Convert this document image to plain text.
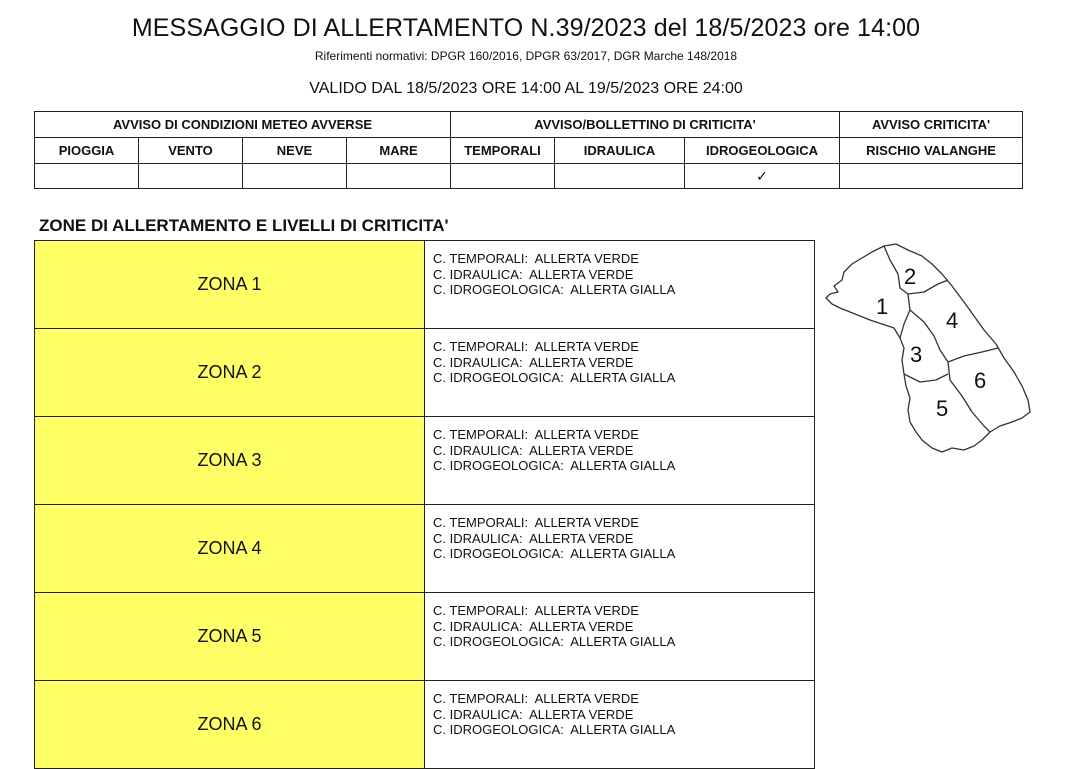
MESSAGGIO DI ALLERTAMENTO N.39/2023 del 18/5/2023 ore 14:00
Riferimenti normativi: DPGR 160/2016, DPGR 63/2017, DGR Marche 148/2018
VALIDO DAL 18/5/2023 ORE 14:00 AL 19/5/2023 ORE 24:00
AVVISO DI CONDIZIONI METEO AVVERSE				AVVISO/BOLLETTINO DI CRITICITA'			AVVISO CRITICITA'
PIOGGIA	VENTO	NEVE	MARE	TEMPORALI	IDRAULICA	IDROGEOLOGICA	RISCHIO VALANGHE
						✓	
ZONE DI ALLERTAMENTO E LIVELLI DI CRITICITA'
ZONA 1	C. TEMPORALI:  ALLERTA VERDE
C. IDRAULICA:  ALLERTA VERDE
C. IDROGEOLOGICA:  ALLERTA GIALLA

ZONA 2	C. TEMPORALI:  ALLERTA VERDE
C. IDRAULICA:  ALLERTA VERDE
C. IDROGEOLOGICA:  ALLERTA GIALLA

ZONA 3	C. TEMPORALI:  ALLERTA VERDE
C. IDRAULICA:  ALLERTA VERDE
C. IDROGEOLOGICA:  ALLERTA GIALLA

ZONA 4	C. TEMPORALI:  ALLERTA VERDE
C. IDRAULICA:  ALLERTA VERDE
C. IDROGEOLOGICA:  ALLERTA GIALLA

ZONA 5	C. TEMPORALI:  ALLERTA VERDE
C. IDRAULICA:  ALLERTA VERDE
C. IDROGEOLOGICA:  ALLERTA GIALLA

ZONA 6	C. TEMPORALI:  ALLERTA VERDE
C. IDRAULICA:  ALLERTA VERDE
C. IDROGEOLOGICA:  ALLERTA GIALLA
1
2
3
4
5
6
